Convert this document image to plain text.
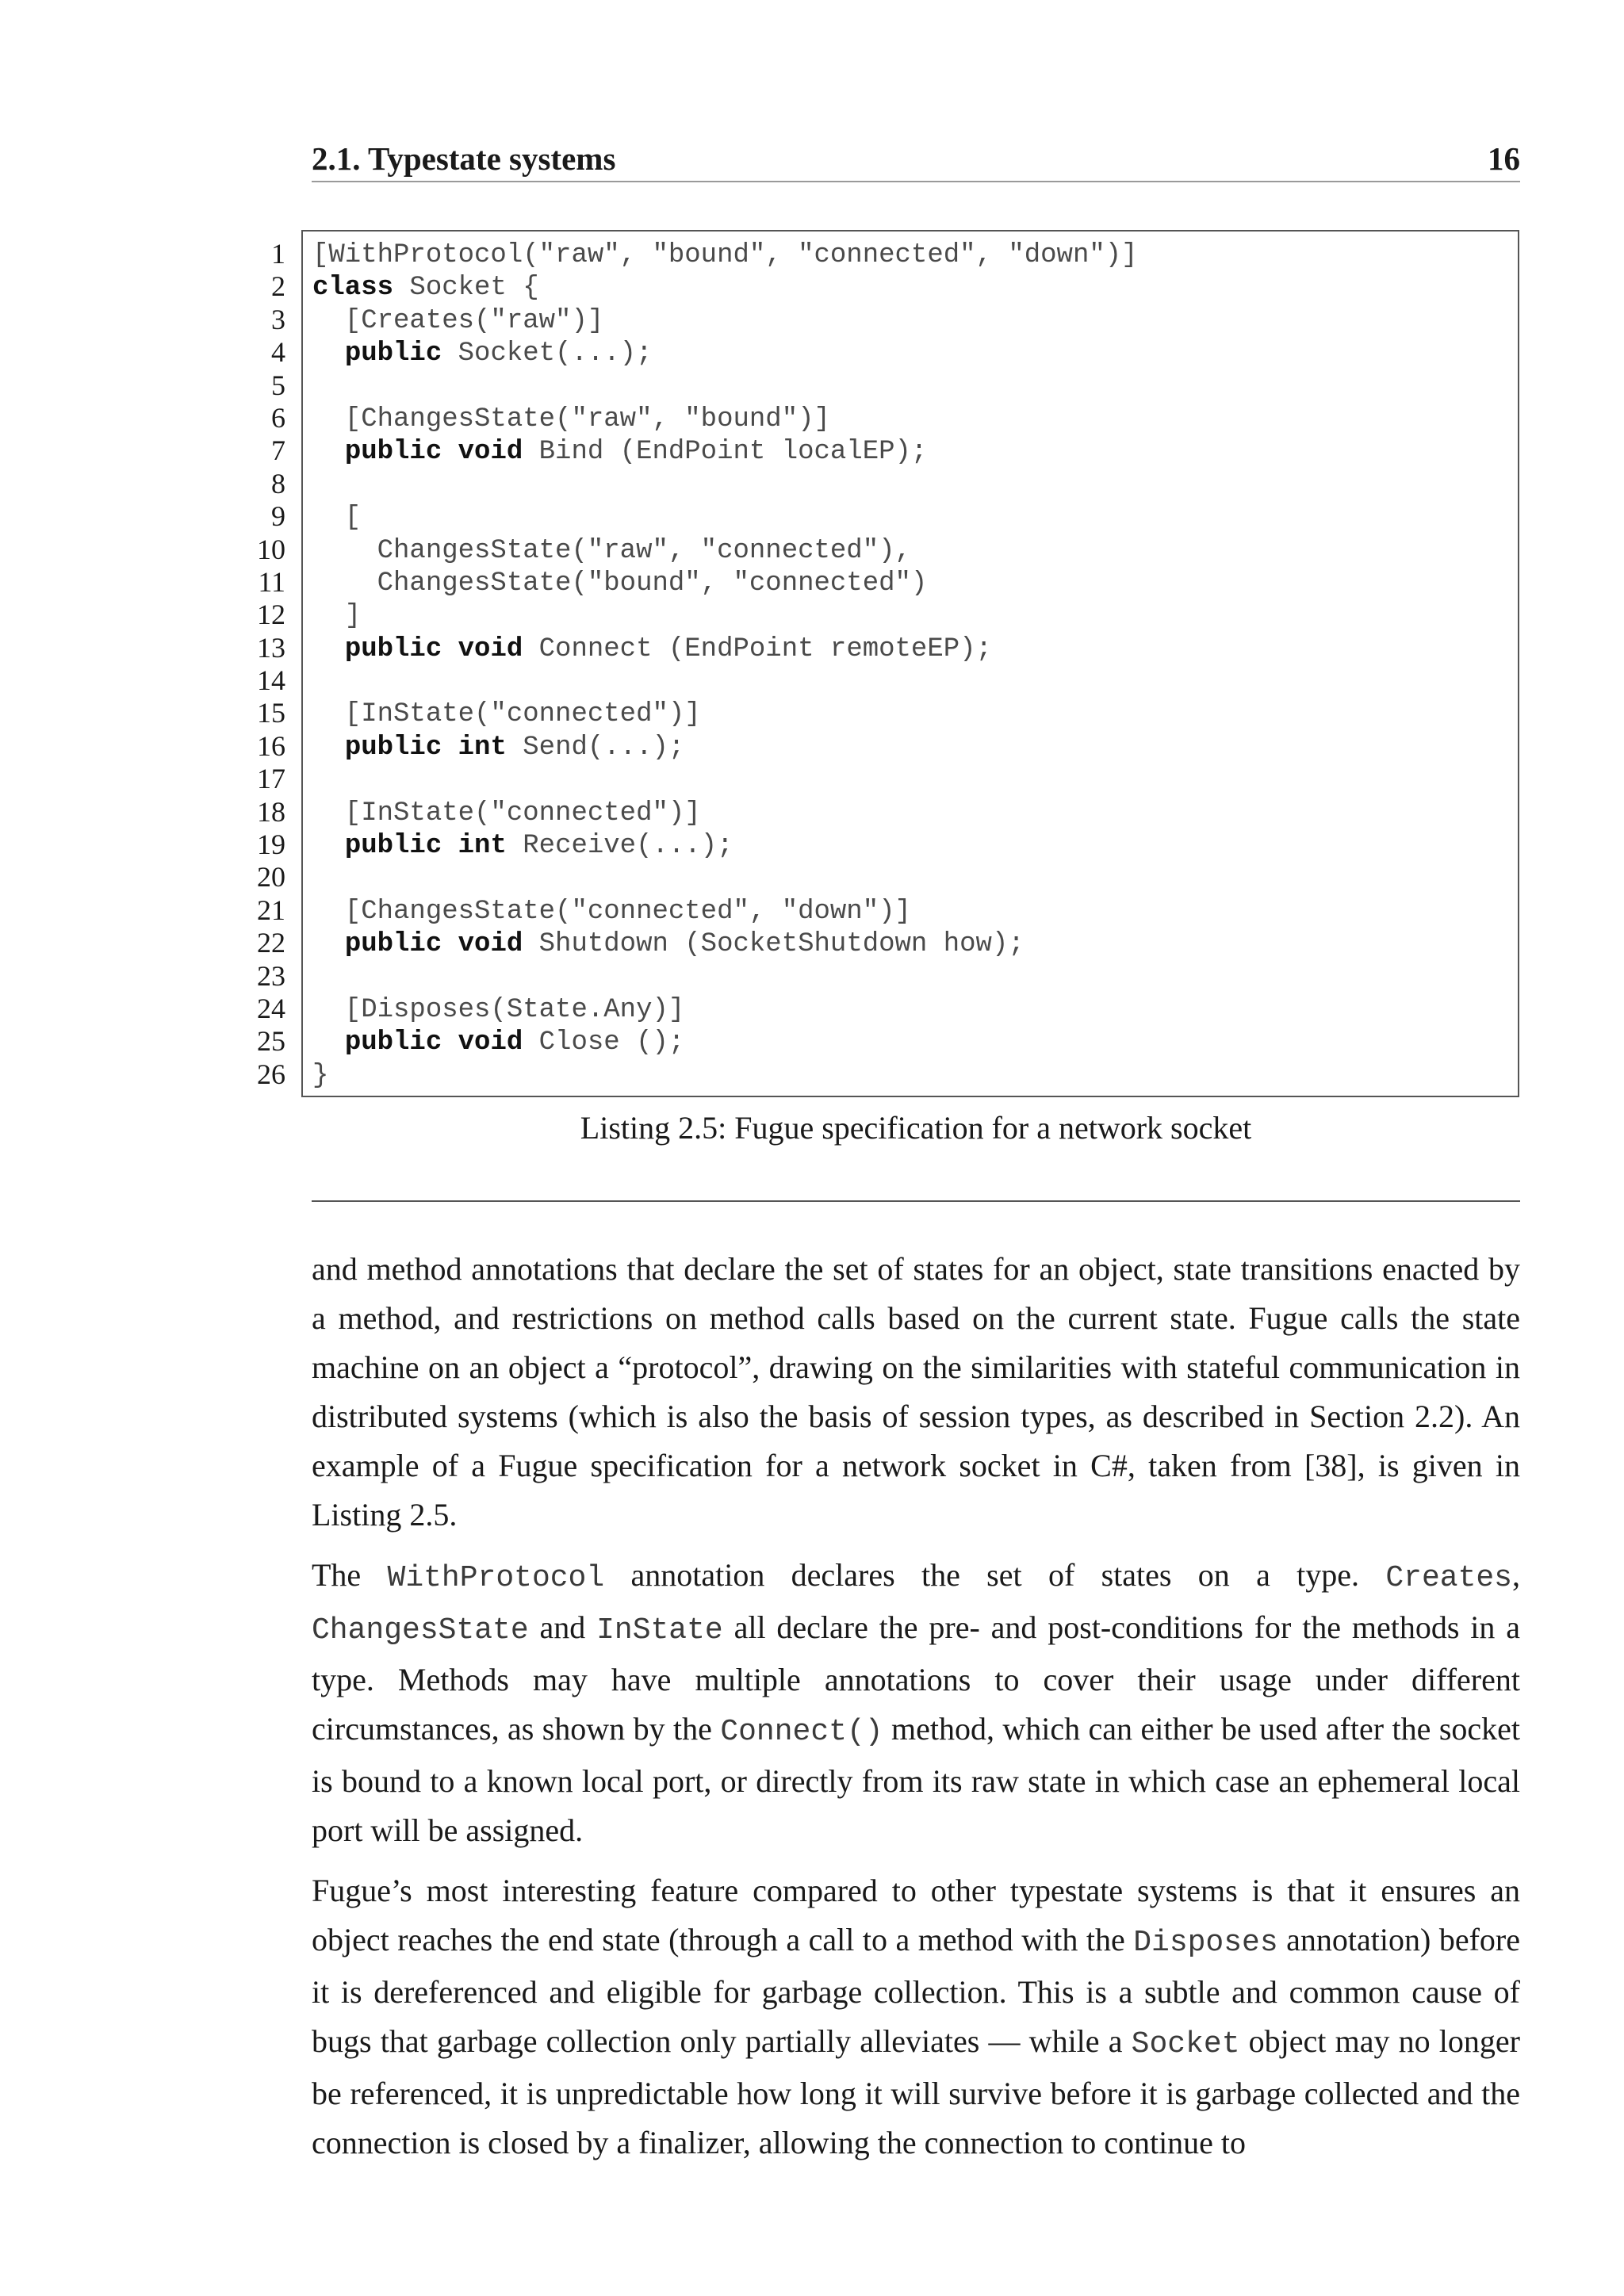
2.1. Typestate systems	16
1
2
3
4
5
6
7
8
9
10
11
12
13
14
15
16
17
18
19
20
21
22
23
24
25
26
[WithProtocol("raw", "bound", "connected", "down")]
class Socket {
[Creates("raw")]
public Socket(...);
[ChangesState("raw", "bound")]
public void Bind (EndPoint localEP);
[
ChangesState("raw", "connected"),
ChangesState("bound", "connected")
]
public void Connect (EndPoint remoteEP);
[InState("connected")]
public int Send(...);
[InState("connected")]
public int Receive(...);
[ChangesState("connected", "down")]
public void Shutdown (SocketShutdown how);
[Disposes(State.Any)]
public void Close ();
}
Listing 2.5: Fugue specification for a network socket

and method annotations that declare the set of states for an object, state transitions enacted by a method, and restrictions on method calls based on the current state. Fugue calls the state machine on an object a “protocol”, drawing on the similarities with stateful communication in distributed systems (which is also the basis of session types, as described in Section 2.2). An example of a Fugue specification for a network socket in C#, taken from [38], is given in Listing 2.5.

The WithProtocol annotation declares the set of states on a type. Creates, ChangesState and InState all declare the pre- and post-conditions for the methods in a type. Methods may have multiple annotations to cover their usage under different circumstances, as shown by the Connect() method, which can either be used after the socket is bound to a known local port, or directly from its raw state in which case an ephemeral local port will be assigned.

Fugue’s most interesting feature compared to other typestate systems is that it ensures an object reaches the end state (through a call to a method with the Disposes annotation) before it is dereferenced and eligible for garbage collection. This is a subtle and common cause of bugs that garbage collection only partially alleviates — while a Socket object may no longer be referenced, it is unpredictable how long it will survive before it is garbage collected and the connection is closed by a finalizer, allowing the connection to continue to
